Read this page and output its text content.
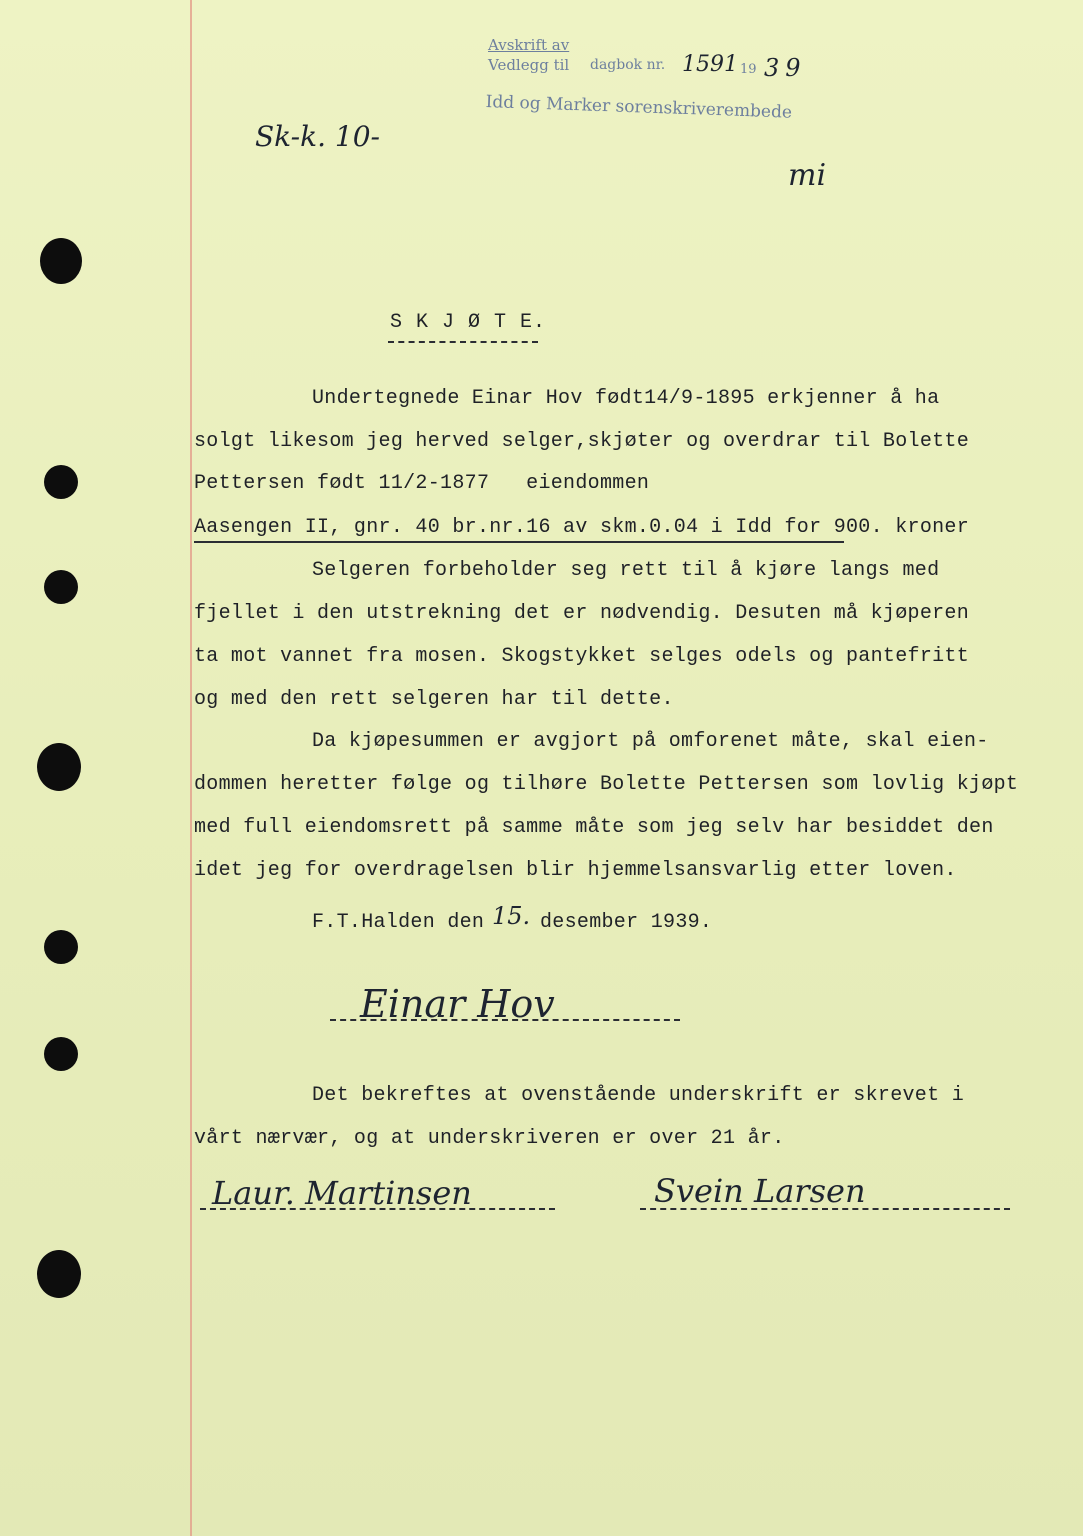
Avskrift av
Vedlegg til dagbok nr. 1591 19 39
Idd og Marker sorenskriverembede
Sk-k. 10-
mi
S K J Ø T E.
Undertegnede Einar Hov født14/9-1895 erkjenner å ha
solgt likesom jeg herved selger,skjøter og overdrar til Bolette
Pettersen født 11/2-1877   eiendommen
Aasengen II, gnr. 40 br.nr.16 av skm.0.04 i Idd for 900. kroner
Selgeren forbeholder seg rett til å kjøre langs med
fjellet i den utstrekning det er nødvendig. Desuten må kjøperen
ta mot vannet fra mosen. Skogstykket selges odels og pantefritt
og med den rett selgeren har til dette.
Da kjøpesummen er avgjort på omforenet måte, skal eien-
dommen heretter følge og tilhøre Bolette Pettersen som lovlig kjøpt
med full eiendomsrett på samme måte som jeg selv har besiddet den
idet jeg for overdragelsen blir hjemmelsansvarlig etter loven.
F.T.Halden den 15. desember 1939.
Einar Hov
Det bekreftes at ovenstående underskrift er skrevet i
vårt nærvær, og at underskriveren er over 21 år.
Laur. Martinsen	Svein Larsen
